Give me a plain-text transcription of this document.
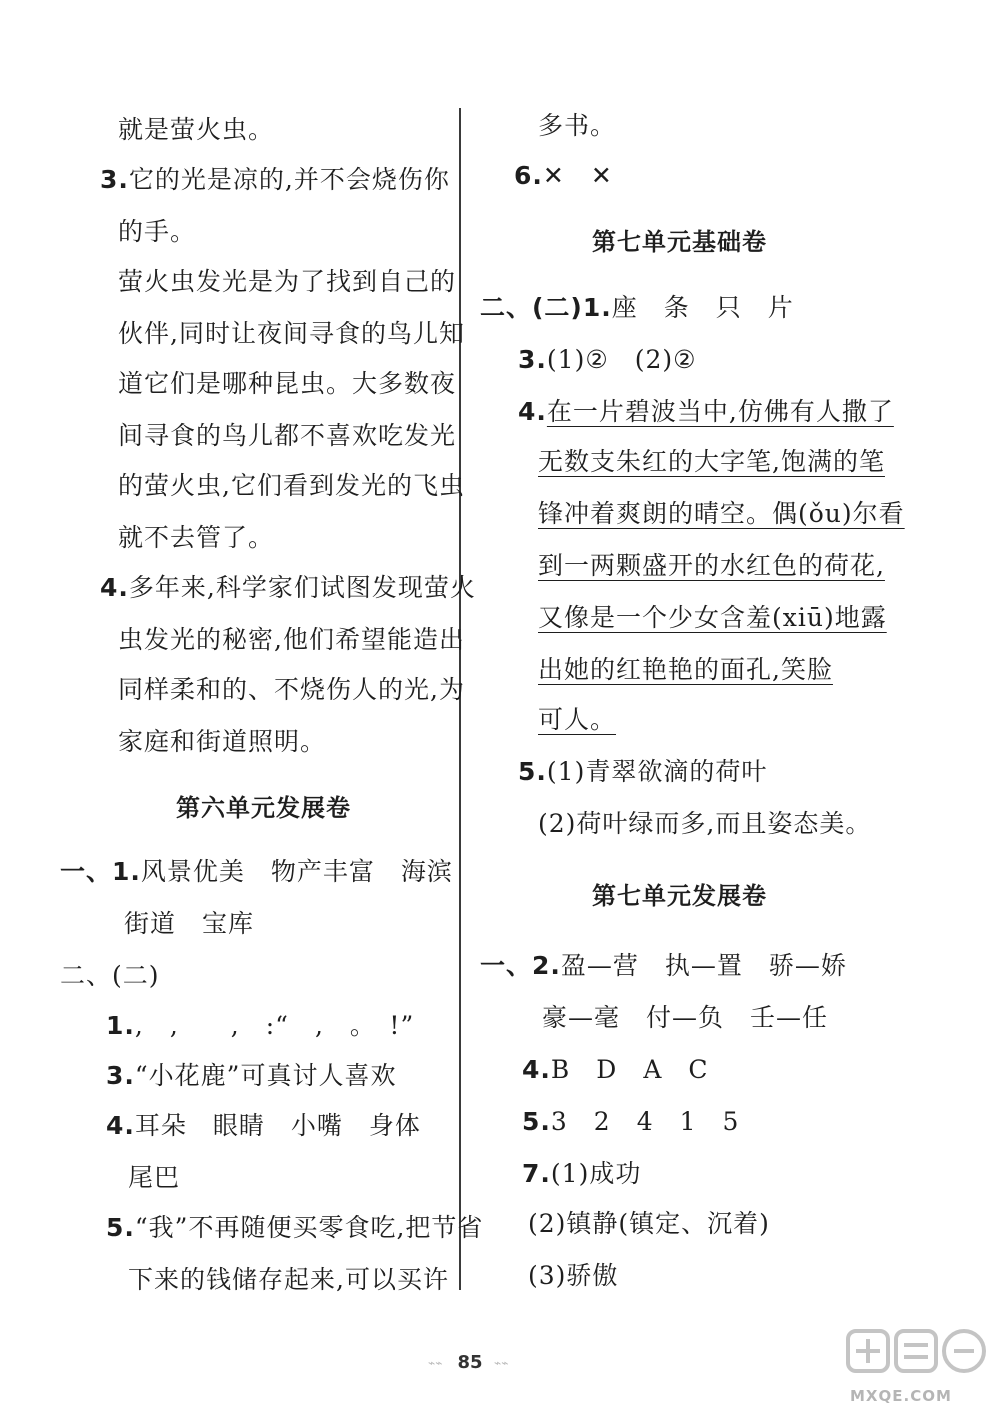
就是萤火虫。
3.它的光是凉的,并不会烧伤你
的手。
萤火虫发光是为了找到自己的
伙伴,同时让夜间寻食的鸟儿知
道它们是哪种昆虫。大多数夜
间寻食的鸟儿都不喜欢吃发光
的萤火虫,它们看到发光的飞虫
就不去管了。
4.多年来,科学家们试图发现萤火
虫发光的秘密,他们希望能造出
同样柔和的、不烧伤人的光,为
家庭和街道照明。
第六单元发展卷
一、1.风景优美　物产丰富　海滨
街道　宝库
二、(二)
1.,　,　　,　:“　,　。　!”
3.“小花鹿”可真讨人喜欢
4.耳朵　眼睛　小嘴　身体
尾巴
5.“我”不再随便买零食吃,把节省
下来的钱储存起来,可以买许
多书。
6.✕　✕
第七单元基础卷
二、(二)1.座　条　只　片
3.(1)②　(2)②
4.在一片碧波当中,仿佛有人撒了
无数支朱红的大字笔,饱满的笔
锋冲着爽朗的晴空。偶(ǒu)尔看
到一两颗盛开的水红色的荷花,
又像是一个少女含羞(xiū)地露
出她的红艳艳的面孔,笑脸
可人。
5.(1)青翠欲滴的荷叶
(2)荷叶绿而多,而且姿态美。
第七单元发展卷
一、2.盈—营　执—置　骄—娇
豪—毫　付—负　壬—任
4.B　D　A　C
5.3　2　4　1　5
7.(1)成功
(2)镇静(镇定、沉着)
(3)骄傲
⌁⌁ 85 ⌁⌁
MXQE.COM
